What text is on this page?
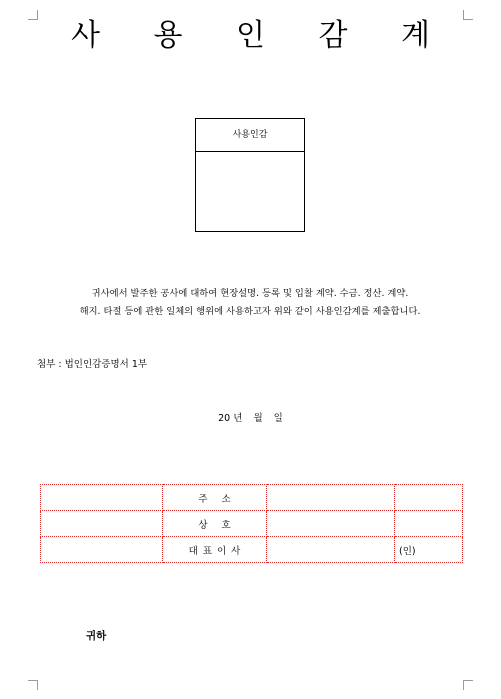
사 용 인 감 계
사용인감
귀사에서 발주한 공사에 대하여 현장설명. 등록 및 입찰 계약. 수금. 정산. 계약.
해지. 타절 등에 관한 일체의 행위에 사용하고자 위와 같이 사용인감계를 제출합니다.
첨부 : 법인인감증명서 1부
20 년 월 일
	주소		
	상호		
	대표이사		(인)
귀하
